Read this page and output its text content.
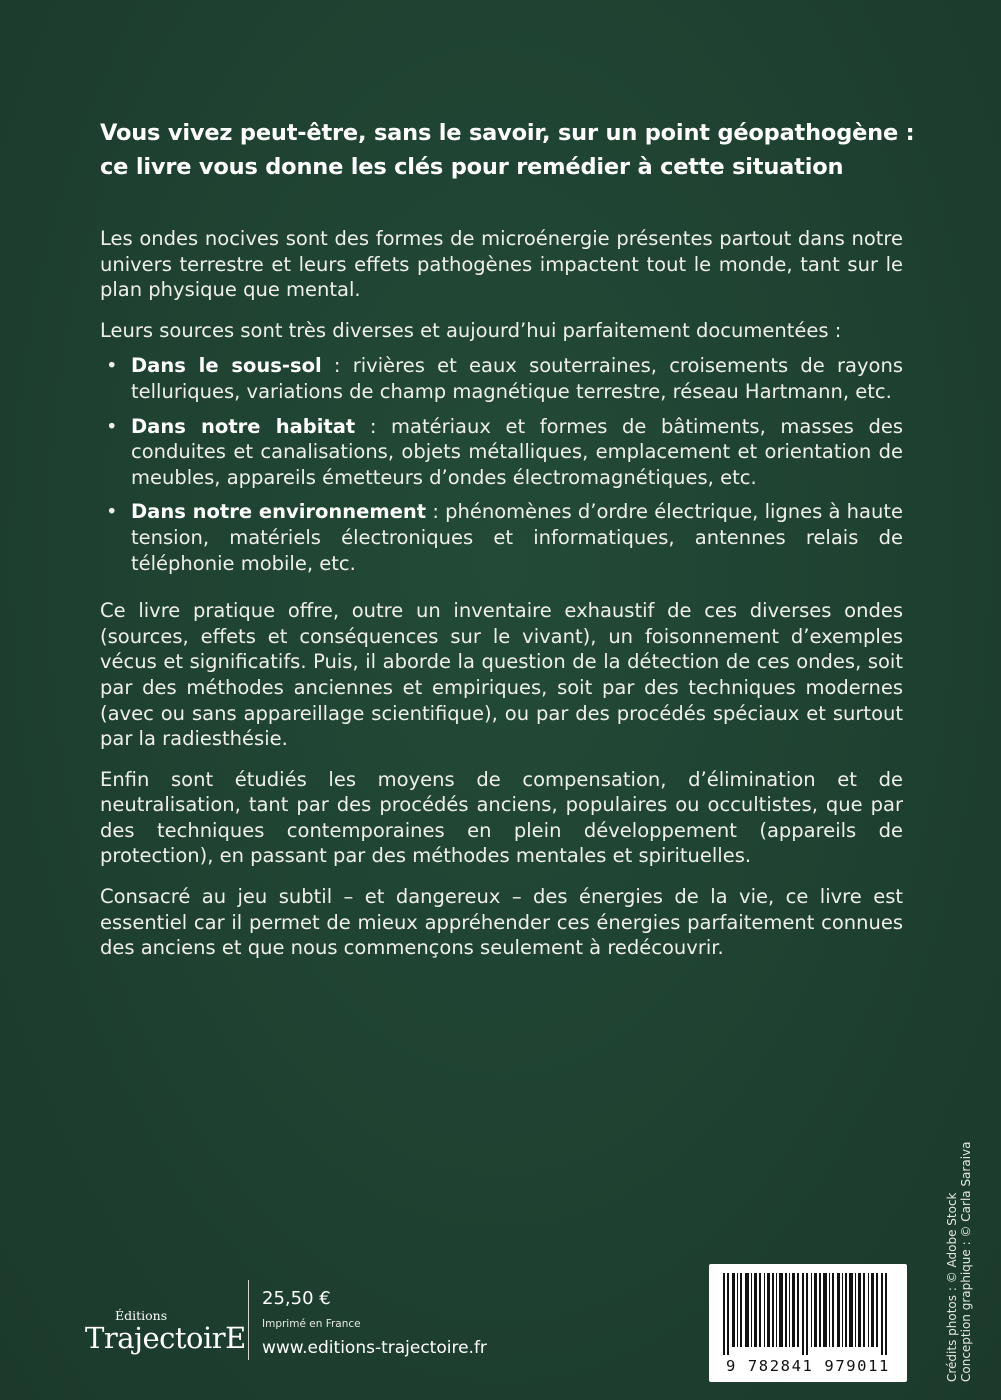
Vous vivez peut-être, sans le savoir, sur un point géopathogène :
ce livre vous donne les clés pour remédier à cette situation

Les ondes nocives sont des formes de microénergie présentes partout dans notre univers terrestre et leurs effets pathogènes impactent tout le monde, tant sur le plan physique que mental.

Leurs sources sont très diverses et aujourd’hui parfaitement documentées :

• Dans le sous-sol : rivières et eaux souterraines, croisements de rayons telluriques, variations de champ magnétique terrestre, réseau Hartmann, etc.
• Dans notre habitat : matériaux et formes de bâtiments, masses des conduites et canalisations, objets métalliques, emplacement et orientation de meubles, appareils émetteurs d’ondes électromagnétiques, etc.
• Dans notre environnement : phénomènes d’ordre électrique, lignes à haute tension, matériels électroniques et informatiques, antennes relais de téléphonie mobile, etc.

Ce livre pratique offre, outre un inventaire exhaustif de ces diverses ondes (sources, effets et conséquences sur le vivant), un foisonnement d’exemples vécus et significatifs. Puis, il aborde la question de la détection de ces ondes, soit par des méthodes anciennes et empiriques, soit par des techniques modernes (avec ou sans appareillage scientifique), ou par des procédés spéciaux et surtout par la radiesthésie.

Enfin sont étudiés les moyens de compensation, d’élimination et de neutralisation, tant par des procédés anciens, populaires ou occultistes, que par des techniques contemporaines en plein développement (appareils de protection), en passant par des méthodes mentales et spirituelles.

Consacré au jeu subtil – et dangereux – des énergies de la vie, ce livre est essentiel car il permet de mieux appréhender ces énergies parfaitement connues des anciens et que nous commençons seulement à redécouvrir.

Éditions
TrajectoirE
25,50 €
Imprimé en France
www.editions-trajectoire.fr
9 782841 979011	Crédits photos : © Adobe Stock Conception graphique : © Carla Saraiva
